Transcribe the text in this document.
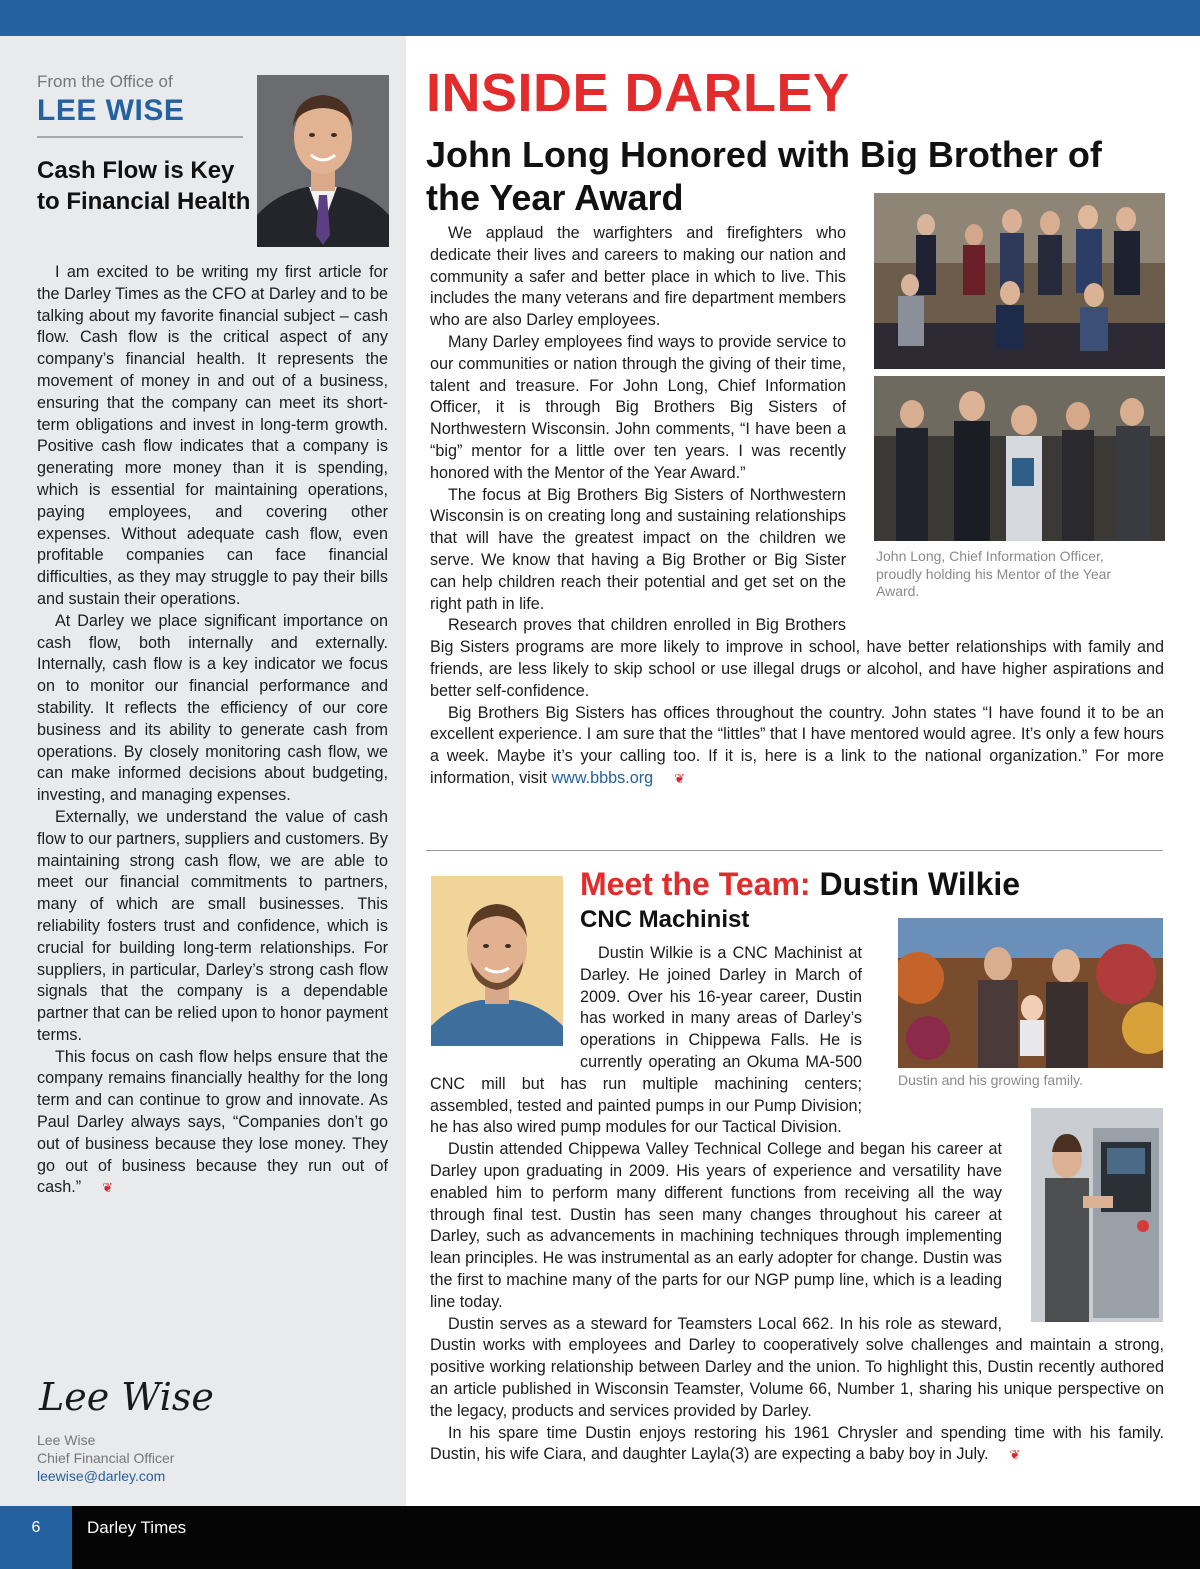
From the Office of
LEE WISE
Cash Flow is Key to Financial Health

I am excited to be writing my first article for the Darley Times as the CFO at Darley and to be talking about my favorite financial subject – cash flow. Cash flow is the critical aspect of any company’s financial health. It represents the movement of money in and out of a business, ensuring that the company can meet its short-term obligations and invest in long-term growth. Positive cash flow indicates that a company is generating more money than it is spending, which is essential for maintaining operations, paying employees, and covering other expenses. Without adequate cash flow, even profitable companies can face financial difficulties, as they may struggle to pay their bills and sustain their operations.

At Darley we place significant importance on cash flow, both internally and externally. Internally, cash flow is a key indicator we focus on to monitor our financial performance and stability. It reflects the efficiency of our core business and its ability to generate cash from operations. By closely monitoring cash flow, we can make informed decisions about budgeting, investing, and managing expenses.

Externally, we understand the value of cash flow to our partners, suppliers and customers. By maintaining strong cash flow, we are able to meet our financial commitments to partners, many of which are small businesses. This reliability fosters trust and confidence, which is crucial for building long-term relationships. For suppliers, in particular, Darley’s strong cash flow signals that the company is a dependable partner that can be relied upon to honor payment terms.

This focus on cash flow helps ensure that the company remains financially healthy for the long term and can continue to grow and innovate. As Paul Darley always says, “Companies don’t go out of business because they lose money. They go out of business because they run out of cash.” ❦

Lee Wise
Lee Wise
Chief Financial Officer
leewise@darley.com
INSIDE DARLEY
John Long Honored with Big Brother of the Year Award
John Long, Chief Information Officer, proudly holding his Mentor of the Year Award.

We applaud the warfighters and firefighters who dedicate their lives and careers to making our nation and community a safer and better place in which to live. This includes the many veterans and fire department members who are also Darley employees.

Many Darley employees find ways to provide service to our communities or nation through the giving of their time, talent and treasure. For John Long, Chief Information Officer, it is through Big Brothers Big Sisters of Northwestern Wisconsin. John comments, “I have been a “big” mentor for a little over ten years. I was recently honored with the Mentor of the Year Award.”

The focus at Big Brothers Big Sisters of Northwestern Wisconsin is on creating long and sustaining relationships that will have the greatest impact on the children we serve. We know that having a Big Brother or Big Sister can help children reach their potential and get set on the right path in life.

Research proves that children enrolled in Big Brothers Big Sisters programs are more likely to improve in school, have better relationships with family and friends, are less likely to skip school or use illegal drugs or alcohol, and have higher aspirations and better self-confidence.

Big Brothers Big Sisters has offices throughout the country. John states “I have found it to be an excellent experience. I am sure that the “littles” that I have mentored would agree. It’s only a few hours a week. Maybe it’s your calling too. If it is, here is a link to the national organization.” For more information, visit www.bbbs.org ❦

Meet the Team: Dustin Wilkie
CNC Machinist
Dustin and his growing family.

Dustin Wilkie is a CNC Machinist at Darley. He joined Darley in March of 2009. Over his 16-year career, Dustin has worked in many areas of Darley’s operations in Chippewa Falls. He is currently operating an Okuma MA-500 CNC mill but has run multiple machining centers; assembled, tested and painted pumps in our Pump Division; he has also wired pump modules for our Tactical Division.

Dustin attended Chippewa Valley Technical College and began his career at Darley upon graduating in 2009. His years of experience and versatility have enabled him to perform many different functions from receiving all the way through final test. Dustin has seen many changes throughout his career at Darley, such as advancements in machining techniques through implementing lean principles. He was instrumental as an early adopter for change. Dustin was the first to machine many of the parts for our NGP pump line, which is a leading line today.

Dustin serves as a steward for Teamsters Local 662. In his role as steward, Dustin works with employees and Darley to cooperatively solve challenges and maintain a strong, positive working relationship between Darley and the union. To highlight this, Dustin recently authored an article published in Wisconsin Teamster, Volume 66, Number 1, sharing his unique perspective on the legacy, products and services provided by Darley.

In his spare time Dustin enjoys restoring his 1961 Chrysler and spending time with his family. Dustin, his wife Ciara, and daughter Layla(3) are expecting a baby boy in July. ❦

6	Darley Times
